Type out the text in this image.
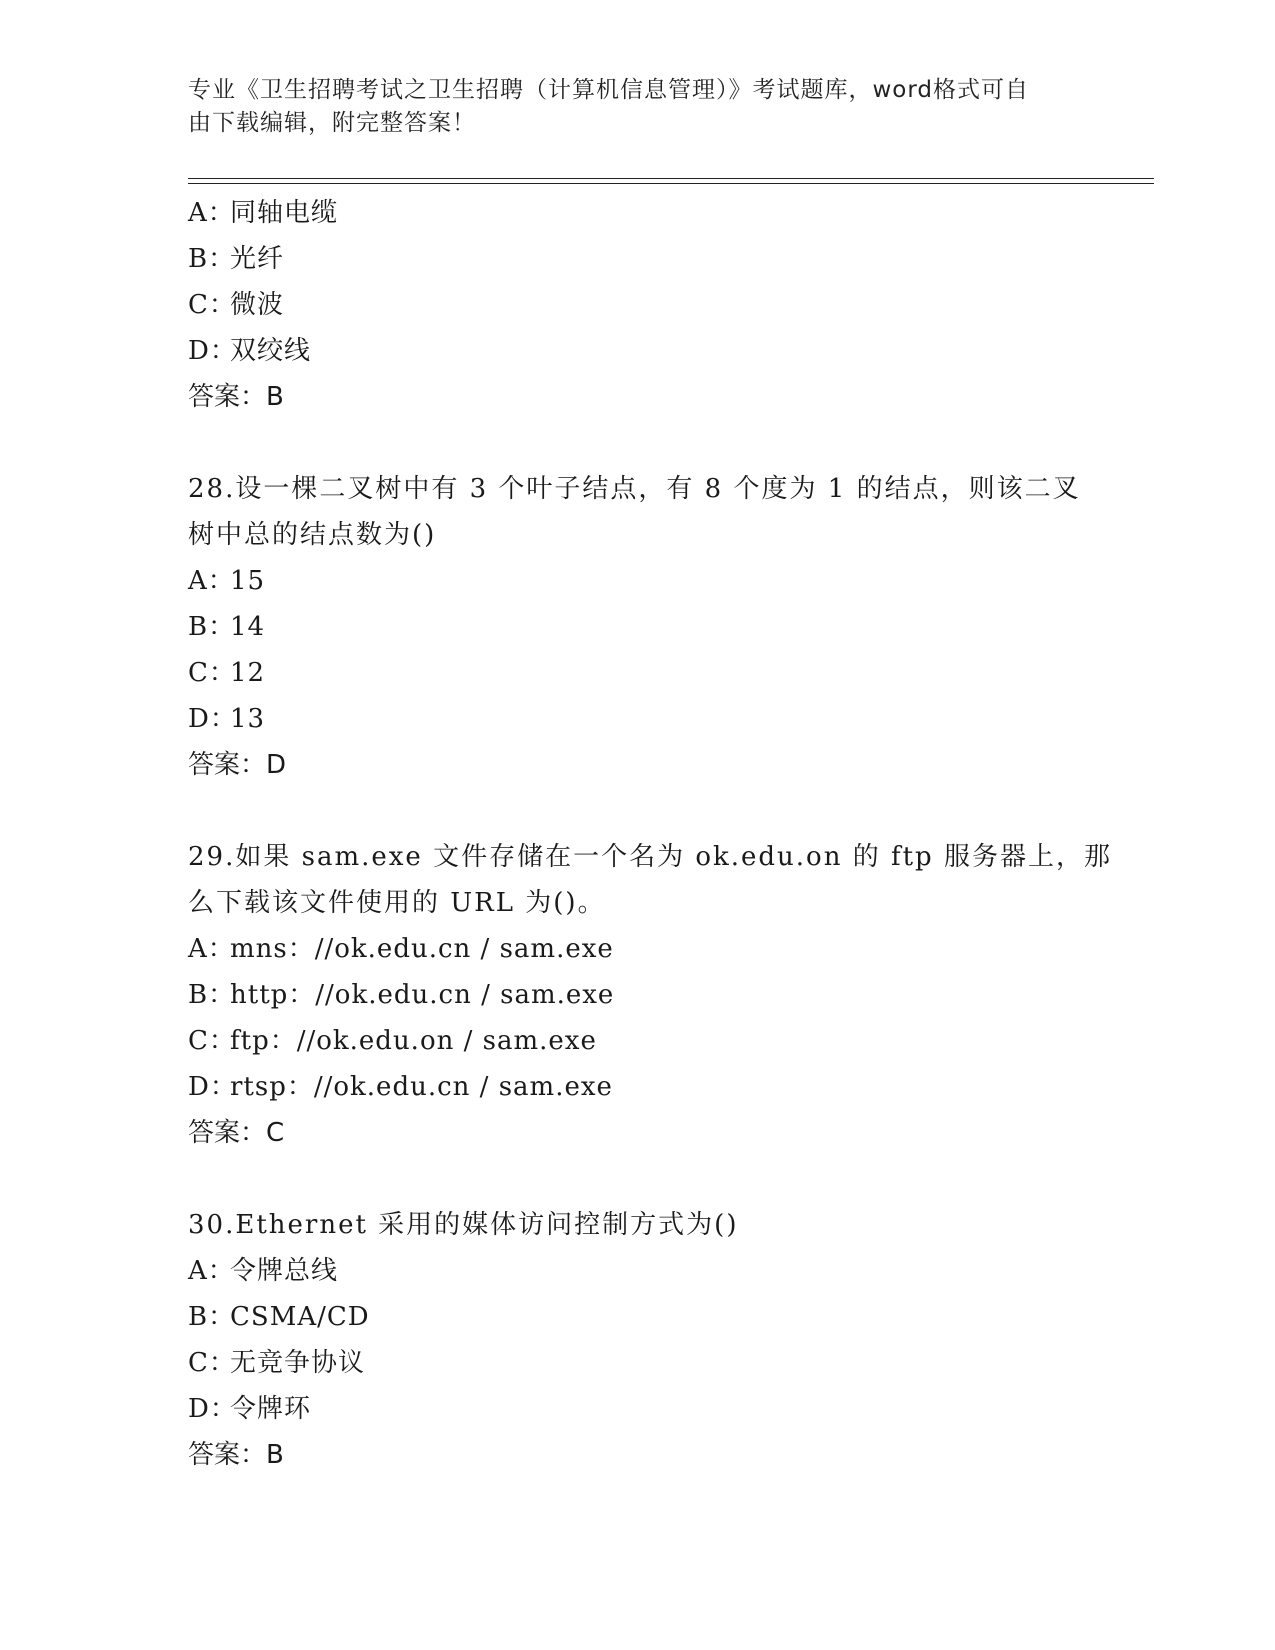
专业《卫生招聘考试之卫生招聘（计算机信息管理）》考试题库，word格式可自
由下载编辑，附完整答案！
A：同轴电缆
B：光纤
C：微波
D：双绞线
答案：B
28.设一棵二叉树中有 3 个叶子结点，有 8 个度为 1 的结点，则该二叉
树中总的结点数为()
A：15
B：14
C：12
D：13
答案：D
29.如果 sam.exe 文件存储在一个名为 ok.edu.on 的 ftp 服务器上，那
么下载该文件使用的 URL 为()。
A：mns：//ok.edu.cn / sam.exe
B：http：//ok.edu.cn / sam.exe
C：ftp：//ok.edu.on / sam.exe
D：rtsp：//ok.edu.cn / sam.exe
答案：C
30.Ethernet 采用的媒体访问控制方式为()
A：令牌总线
B：CSMA/CD
C：无竞争协议
D：令牌环
答案：B
